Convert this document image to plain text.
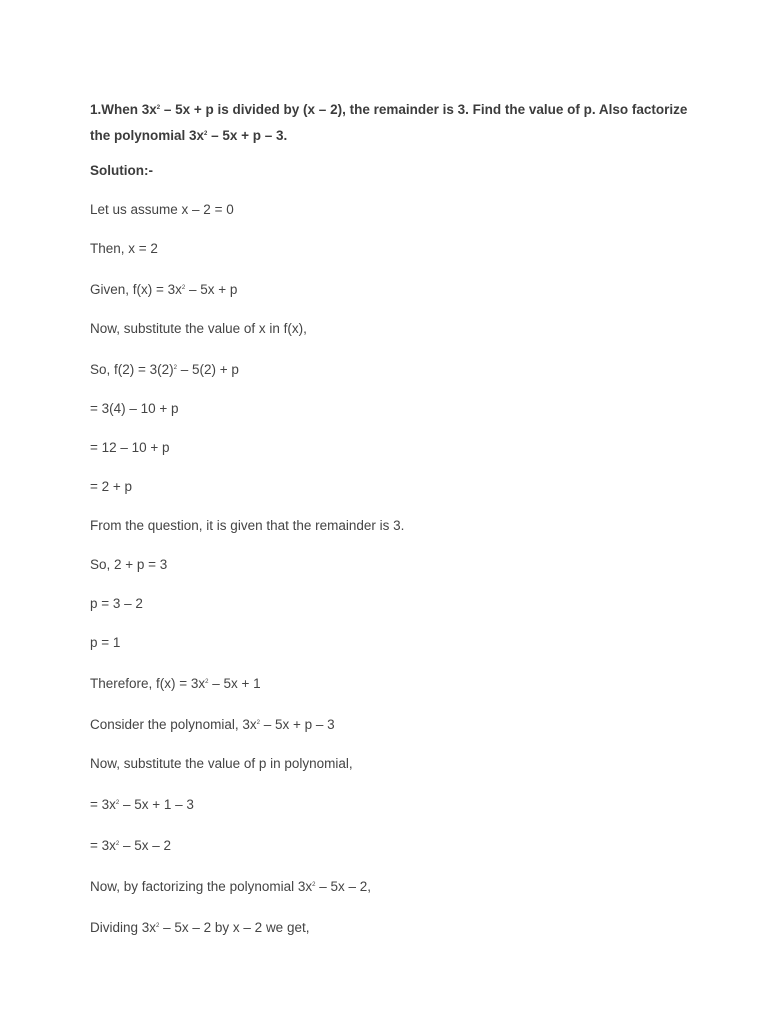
1.When $3x^2 - 5x + p$ is divided by (x – 2), the remainder is 3. Find the value of p. Also factorize the polynomial $3x^2 - 5x + p - 3$.

Solution:-

Let us assume x – 2 = 0

Then, x = 2

Given, $f(x) = 3x^2 - 5x + p$

Now, substitute the value of x in f(x),

So, $f(2) = 3(2)^2 - 5(2) + p$

= 3(4) – 10 + p

= 12 – 10 + p

= 2 + p

From the question, it is given that the remainder is 3.

So, 2 + p = 3

p = 3 – 2

p = 1

Therefore, $f(x) = 3x^2 - 5x + 1$

Consider the polynomial, $3x^2 - 5x + p - 3$

Now, substitute the value of p in polynomial,

= $3x^2 - 5x + 1 - 3$

= $3x^2 - 5x - 2$

Now, by factorizing the polynomial $3x^2 - 5x - 2$,

Dividing $3x^2 - 5x - 2$ by x – 2 we get,
